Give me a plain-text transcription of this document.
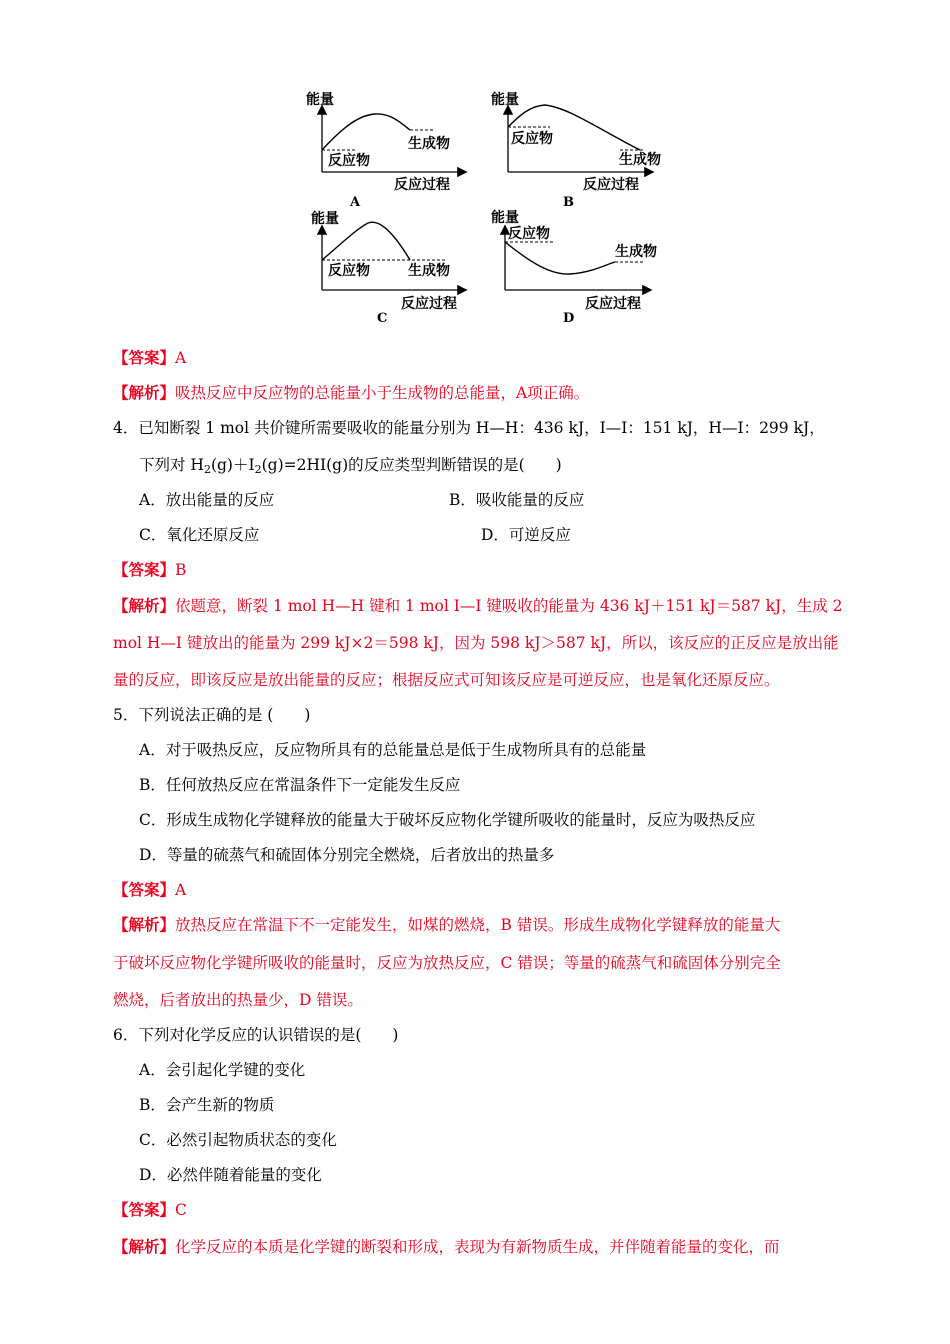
能量
反应物
生成物
反应过程
A
能量
反应物
生成物
反应过程
B
能量
反应物	生成物
反应过程
C
能量
反应物
生成物
反应过程
D
【答案】A
【解析】吸热反应中反应物的总能量小于生成物的总能量，A项正确。
4．已知断裂 1 mol 共价键所需要吸收的能量分别为 H—H：436 kJ，I—I：151 kJ，H—I：299 kJ，
下列对 $H_2(g)+I_2(g)=2HI(g)$的反应类型判断错误的是(　　)
A．放出能量的反应	B．吸收能量的反应
C．氧化还原反应	D．可逆反应
【答案】B
【解析】依题意，断裂 1 mol H—H 键和 1 mol I—I 键吸收的能量为 436 kJ＋151 kJ＝587 kJ，生成 2
mol H—I 键放出的能量为 299 kJ×2＝598 kJ，因为 598 kJ＞587 kJ，所以，该反应的正反应是放出能
量的反应，即该反应是放出能量的反应；根据反应式可知该反应是可逆反应，也是氧化还原反应。
5．下列说法正确的是 (　　)
A．对于吸热反应，反应物所具有的总能量总是低于生成物所具有的总能量
B．任何放热反应在常温条件下一定能发生反应
C．形成生成物化学键释放的能量大于破坏反应物化学键所吸收的能量时，反应为吸热反应
D．等量的硫蒸气和硫固体分别完全燃烧，后者放出的热量多
【答案】A
【解析】放热反应在常温下不一定能发生，如煤的燃烧，B 错误。形成生成物化学键释放的能量大
于破坏反应物化学键所吸收的能量时，反应为放热反应，C 错误；等量的硫蒸气和硫固体分别完全
燃烧，后者放出的热量少，D 错误。
6．下列对化学反应的认识错误的是(　　)
A．会引起化学键的变化
B．会产生新的物质
C．必然引起物质状态的变化
D．必然伴随着能量的变化
【答案】C
【解析】化学反应的本质是化学键的断裂和形成，表现为有新物质生成，并伴随着能量的变化，而
